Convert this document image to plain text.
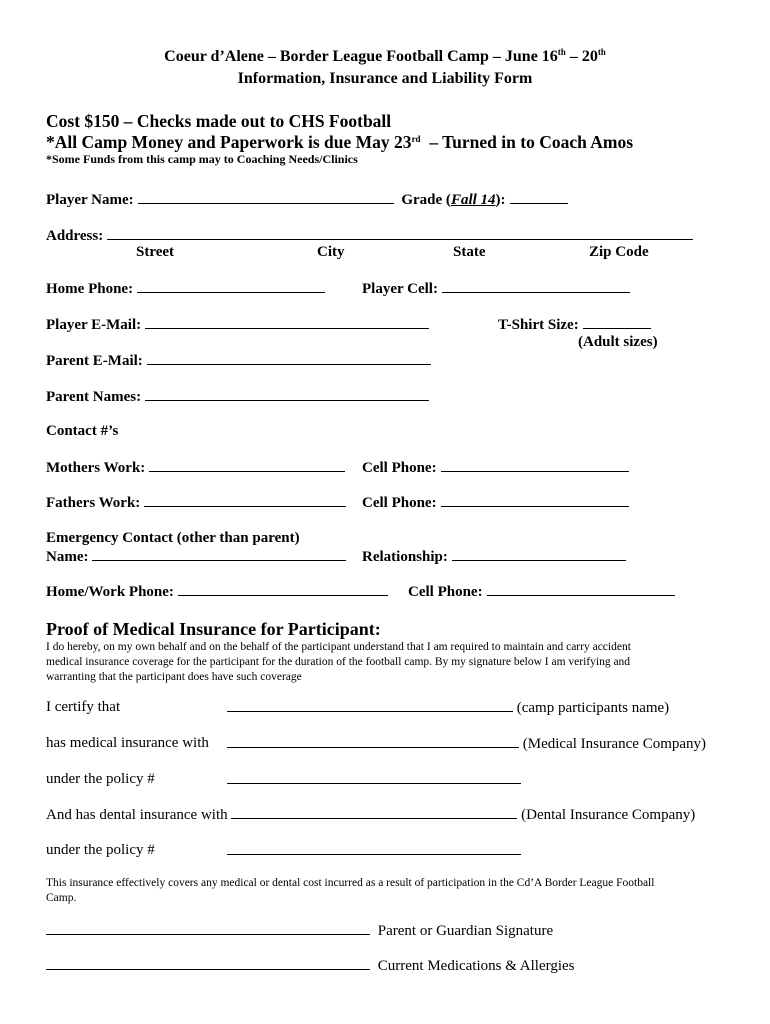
Coeur d’Alene – Border League Football Camp – June 16th – 20th
Information, Insurance and Liability Form
Cost $150 – Checks made out to CHS Football
*All Camp Money and Paperwork is due May 23rd – Turned in to Coach Amos
*Some Funds from this camp may to Coaching Needs/Clinics
Player Name:	Grade (Fall 14):
Address:
Street	City	State	Zip Code
Home Phone:	Player Cell:
Player E-Mail:	T-Shirt Size:
(Adult sizes)
Parent E-Mail:
Parent Names:
Contact #’s
Mothers Work:	Cell Phone:
Fathers Work:	Cell Phone:
Emergency Contact (other than parent)
Name:	Relationship:
Home/Work Phone:	Cell Phone:
Proof of Medical Insurance for Participant:
I do hereby, on my own behalf and on the behalf of the participant understand that I am required to maintain and carry accident
medical insurance coverage for the participant for the duration of the football camp. By my signature below I am verifying and
warranting that the participant does have such coverage
I certify that	(camp participants name)
has medical insurance with	(Medical Insurance Company)
under the policy #
And has dental insurance with	(Dental Insurance Company)
under the policy #
This insurance effectively covers any medical or dental cost incurred as a result of participation in the Cd’A Border League Football
Camp.
Parent or Guardian Signature
Current Medications & Allergies
